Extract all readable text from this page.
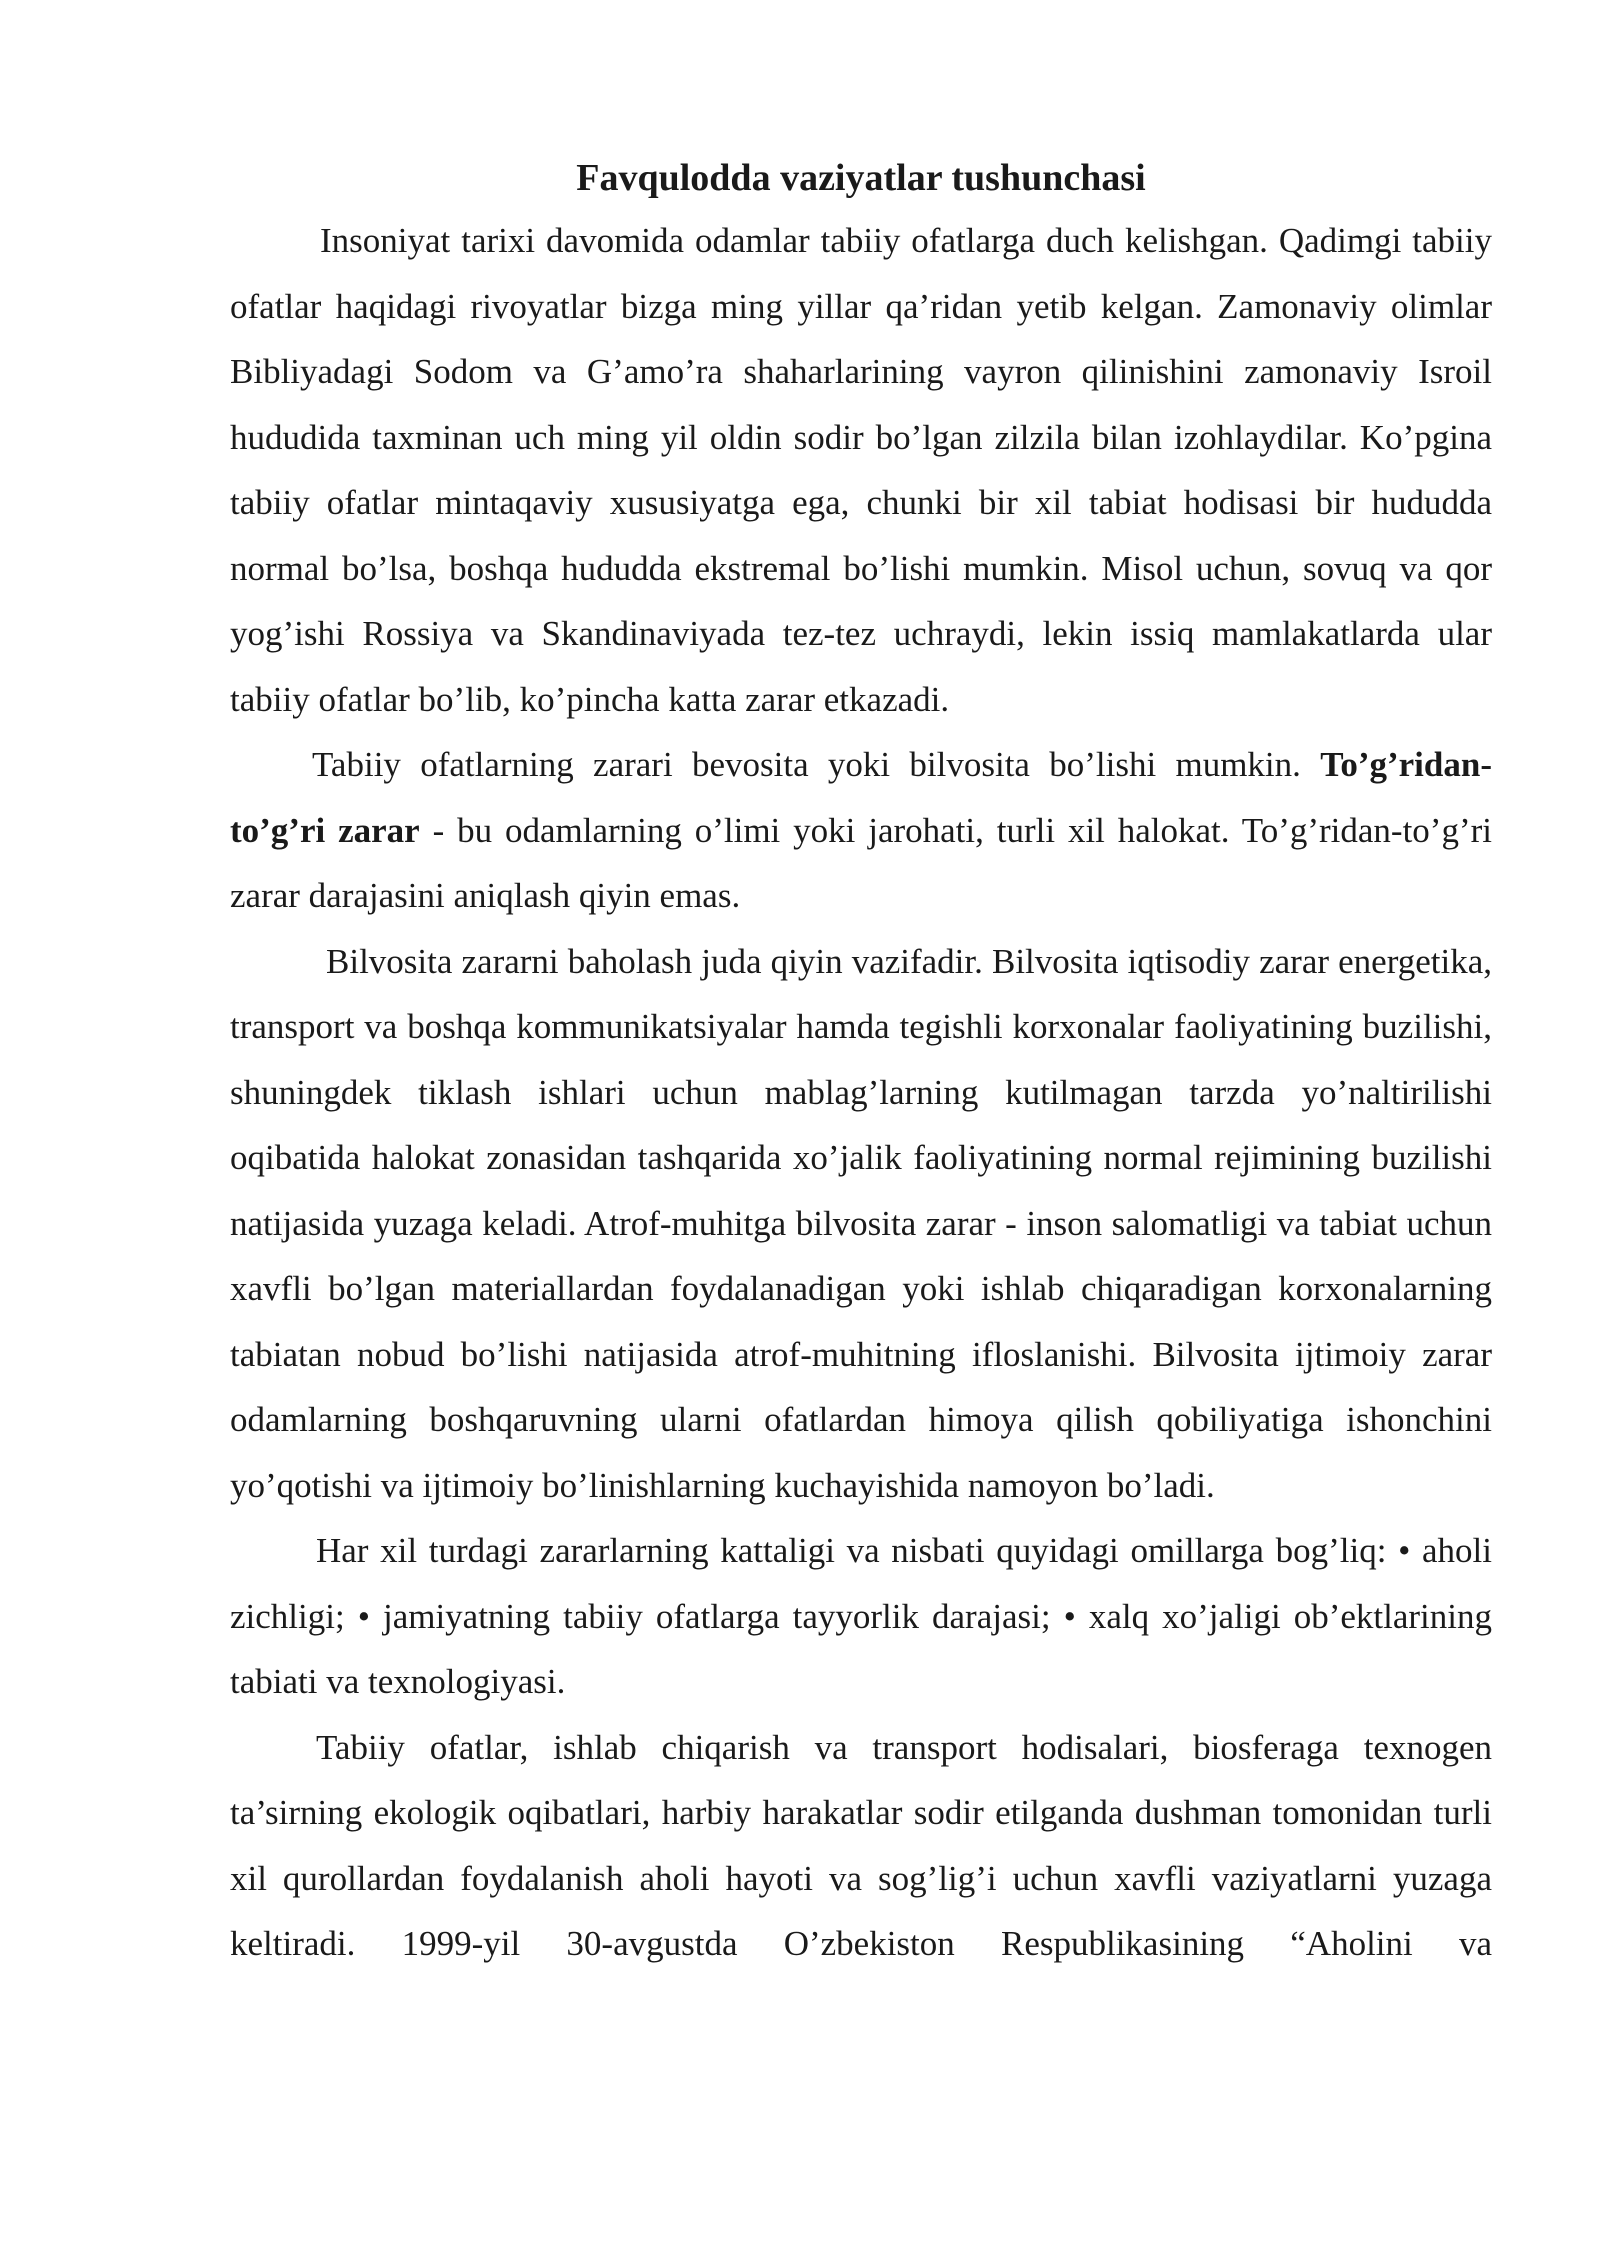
Favqulodda vaziyatlar tushunchasi

Insoniyat tarixi davomida odamlar tabiiy ofatlarga duch kelishgan. Qadimgi tabiiy ofatlar haqidagi rivoyatlar bizga ming yillar qa’ridan yetib kelgan. Zamonaviy olimlar Bibliyadagi Sodom va G’amo’ra shaharlarining vayron qilinishini zamonaviy Isroil hududida taxminan uch ming yil oldin sodir bo’lgan zilzila bilan izohlaydilar. Ko’pgina tabiiy ofatlar mintaqaviy xususiyatga ega, chunki bir xil tabiat hodisasi bir hududda normal bo’lsa, boshqa hududda ekstremal bo’lishi mumkin. Misol uchun, sovuq va qor yog’ishi Rossiya va Skandinaviyada tez-tez uchraydi, lekin issiq mamlakatlarda ular tabiiy ofatlar bo’lib, ko’pincha katta zarar etkazadi.

Tabiiy ofatlarning zarari bevosita yoki bilvosita bo’lishi mumkin. To’g’ridan-to’g’ri zarar - bu odamlarning o’limi yoki jarohati, turli xil halokat. To’g’ridan-to’g’ri zarar darajasini aniqlash qiyin emas.

Bilvosita zararni baholash juda qiyin vazifadir. Bilvosita iqtisodiy zarar energetika, transport va boshqa kommunikatsiyalar hamda tegishli korxonalar faoliyatining buzilishi, shuningdek tiklash ishlari uchun mablag’larning kutilmagan tarzda yo’naltirilishi oqibatida halokat zonasidan tashqarida xo’jalik faoliyatining normal rejimining buzilishi natijasida yuzaga keladi. Atrof-muhitga bilvosita zarar - inson salomatligi va tabiat uchun xavfli bo’lgan materiallardan foydalanadigan yoki ishlab chiqaradigan korxonalarning tabiatan nobud bo’lishi natijasida atrof-muhitning ifloslanishi. Bilvosita ijtimoiy zarar odamlarning boshqaruvning ularni ofatlardan himoya qilish qobiliyatiga ishonchini yo’qotishi va ijtimoiy bo’linishlarning kuchayishida namoyon bo’ladi.

Har xil turdagi zararlarning kattaligi va nisbati quyidagi omillarga bog’liq: • aholi zichligi; • jamiyatning tabiiy ofatlarga tayyorlik darajasi; • xalq xo’jaligi ob’ektlarining tabiati va texnologiyasi.

Tabiiy ofatlar, ishlab chiqarish va transport hodisalari, biosferaga texnogen ta’sirning ekologik oqibatlari, harbiy harakatlar sodir etilganda dushman tomonidan turli xil qurollardan foydalanish aholi hayoti va sog’lig’i uchun xavfli vaziyatlarni yuzaga keltiradi. 1999-yil 30-avgustda O’zbekiston Respublikasining “Aholini va
